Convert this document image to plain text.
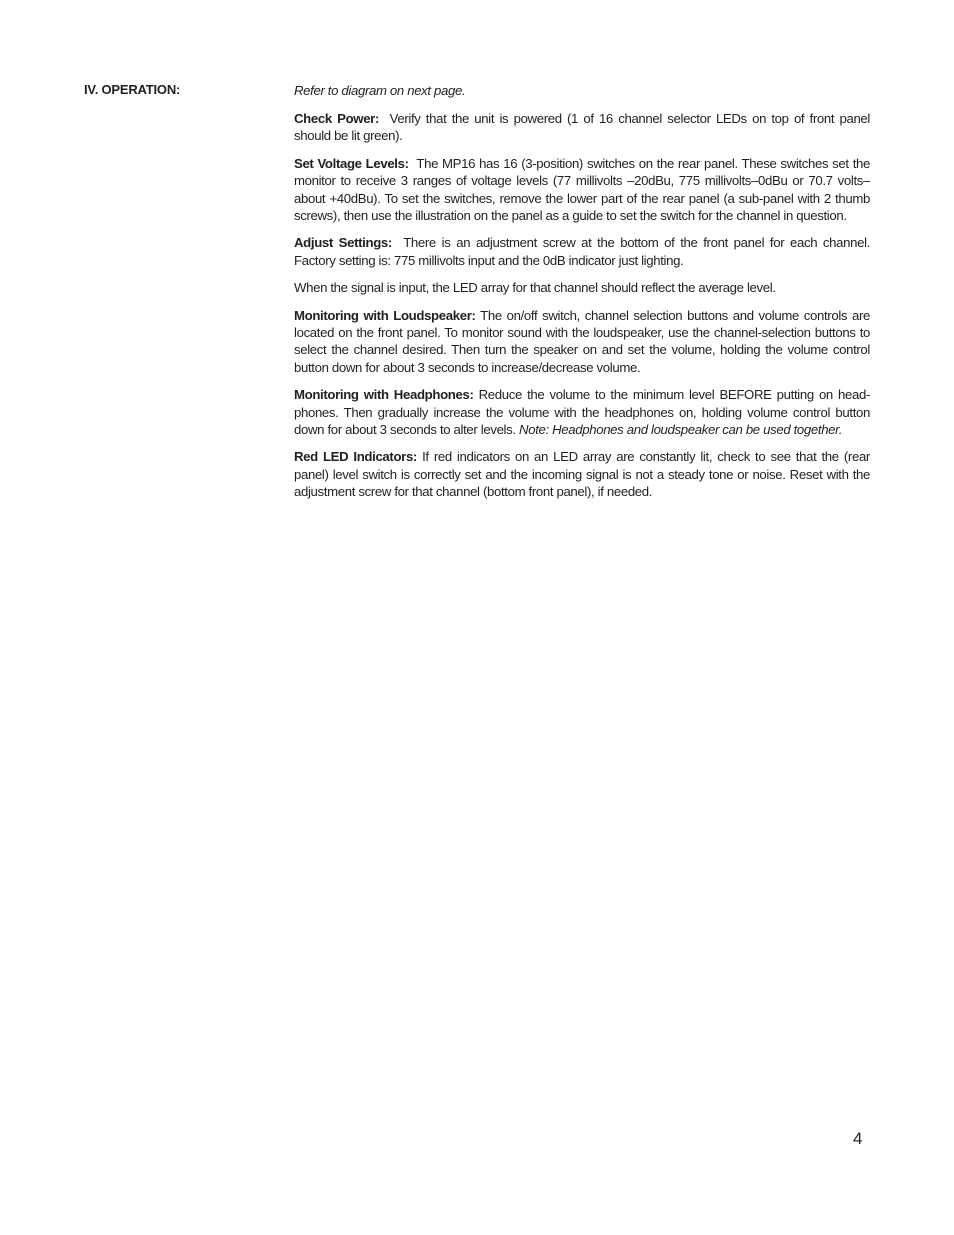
IV. OPERATION:	Refer to diagram on next page.

Check Power: Verify that the unit is powered (1 of 16 channel selector LEDs on top of front panel should be lit green).

Set Voltage Levels: The MP16 has 16 (3-position) switches on the rear panel. These switches set the monitor to receive 3 ranges of voltage levels (77 millivolts –20dBu, 775 millivolts–0dBu or 70.7 volts–about +40dBu). To set the switches, remove the lower part of the rear panel (a sub-panel with 2 thumb screws), then use the illustration on the panel as a guide to set the switch for the channel in question.

Adjust Settings: There is an adjustment screw at the bottom of the front panel for each channel. Factory setting is: 775 millivolts input and the 0dB indicator just lighting.

When the signal is input, the LED array for that channel should reflect the average level.

Monitoring with Loudspeaker: The on/off switch, channel selection buttons and volume controls are located on the front panel. To monitor sound with the loudspeaker, use the channel-selection buttons to select the channel desired. Then turn the speaker on and set the volume, holding the volume control button down for about 3 seconds to increase/decrease volume.

Monitoring with Headphones: Reduce the volume to the minimum level BEFORE putting on head-phones. Then gradually increase the volume with the headphones on, holding volume control button down for about 3 seconds to alter levels. Note: Headphones and loudspeaker can be used together.

Red LED Indicators: If red indicators on an LED array are constantly lit, check to see that the (rear panel) level switch is correctly set and the incoming signal is not a steady tone or noise. Reset with the adjustment screw for that channel (bottom front panel), if needed.

4
